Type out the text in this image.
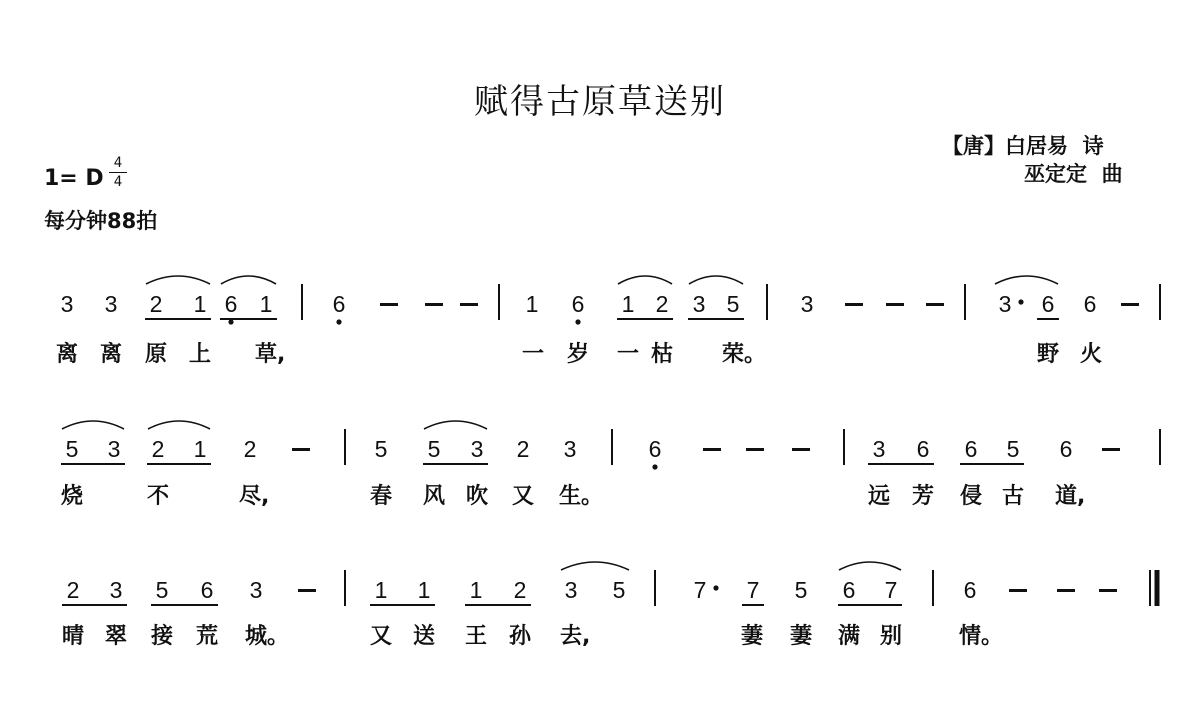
赋得古原草送别
【唐】白居易  诗
巫定定  曲
1= D
4
4
每分钟88拍
3 3 2 1 6 1	6	1 6 1 2 3 5	3	3 6 6
离 离 原 上 草,	一 岁 一 枯 荣。	野 火
5 3 2 1 2	5 5 3 2 3	6	3 6 6 5 6
烧	不	尽,	春 风 吹 又 生。	远 芳 侵 古 道,
2 3 5 6 3	1 1 1 2 3 5	7 7 5 6 7	6
晴 翠 接 荒 城。	又 送 王 孙 去,	萋 萋 满 别	情。
